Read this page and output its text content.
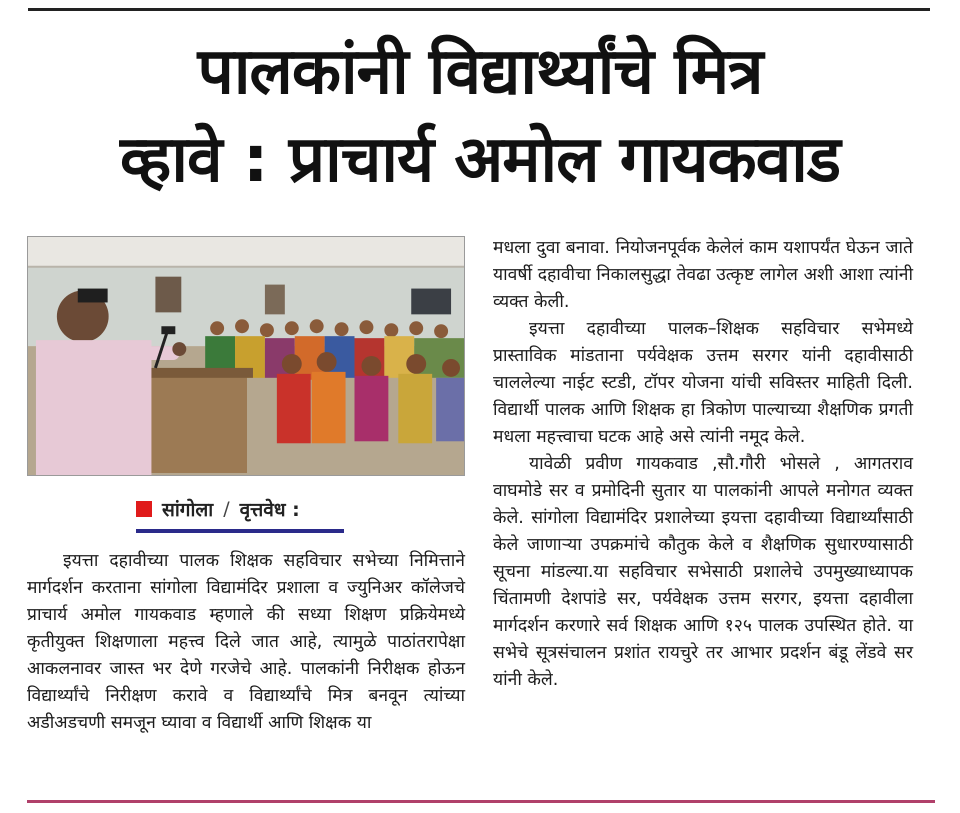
पालकांनी विद्यार्थ्यांचे मित्र
व्हावे : प्राचार्य अमोल गायकवाड
सांगोला / वृत्तवेध :

इयत्ता दहावीच्या पालक शिक्षक सहविचार सभेच्या निमित्ताने मार्गदर्शन करताना सांगोला विद्यामंदिर प्रशाला व ज्युनिअर कॉलेजचे प्राचार्य अमोल गायकवाड म्हणाले की सध्या शिक्षण प्रक्रियेमध्ये कृतीयुक्त शिक्षणाला महत्त्व दिले जात आहे, त्यामुळे पाठांतरापेक्षा आकलनावर जास्त भर देणे गरजेचे आहे. पालकांनी निरीक्षक होऊन विद्यार्थ्यांचे निरीक्षण करावे व विद्यार्थ्यांचे मित्र बनवून त्यांच्या अडीअडचणी समजून घ्यावा व विद्यार्थी आणि शिक्षक या

मधला दुवा बनावा. नियोजनपूर्वक केलेलं काम यशापर्यंत घेऊन जाते यावर्षी दहावीचा निकालसुद्धा तेवढा उत्कृष्ट लागेल अशी आशा त्यांनी व्यक्त केली.

इयत्ता दहावीच्या पालक–शिक्षक सहविचार सभेमध्ये प्रास्ताविक मांडताना पर्यवेक्षक उत्तम सरगर यांनी दहावीसाठी चाललेल्या नाईट स्टडी, टॉपर योजना यांची सविस्तर माहिती दिली. विद्यार्थी पालक आणि शिक्षक हा त्रिकोण पाल्याच्या शैक्षणिक प्रगती मधला महत्त्वाचा घटक आहे असे त्यांनी नमूद केले.

यावेळी प्रवीण गायकवाड ,सौ.गौरी भोसले , आगतराव वाघमोडे सर व प्रमोदिनी सुतार या पालकांनी आपले मनोगत व्यक्त केले. सांगोला विद्यामंदिर प्रशालेच्या इयत्ता दहावीच्या विद्यार्थ्यांसाठी केले जाणाऱ्या उपक्रमांचे कौतुक केले व शैक्षणिक सुधारण्यासाठी सूचना मांडल्या.या सहविचार सभेसाठी प्रशालेचे उपमुख्याध्यापक चिंतामणी देशपांडे सर, पर्यवेक्षक उत्तम सरगर, इयत्ता दहावीला मार्गदर्शन करणारे सर्व शिक्षक आणि १२५ पालक उपस्थित होते. या सभेचे सूत्रसंचालन प्रशांत रायचुरे तर आभार प्रदर्शन बंडू लेंडवे सर यांनी केले.
